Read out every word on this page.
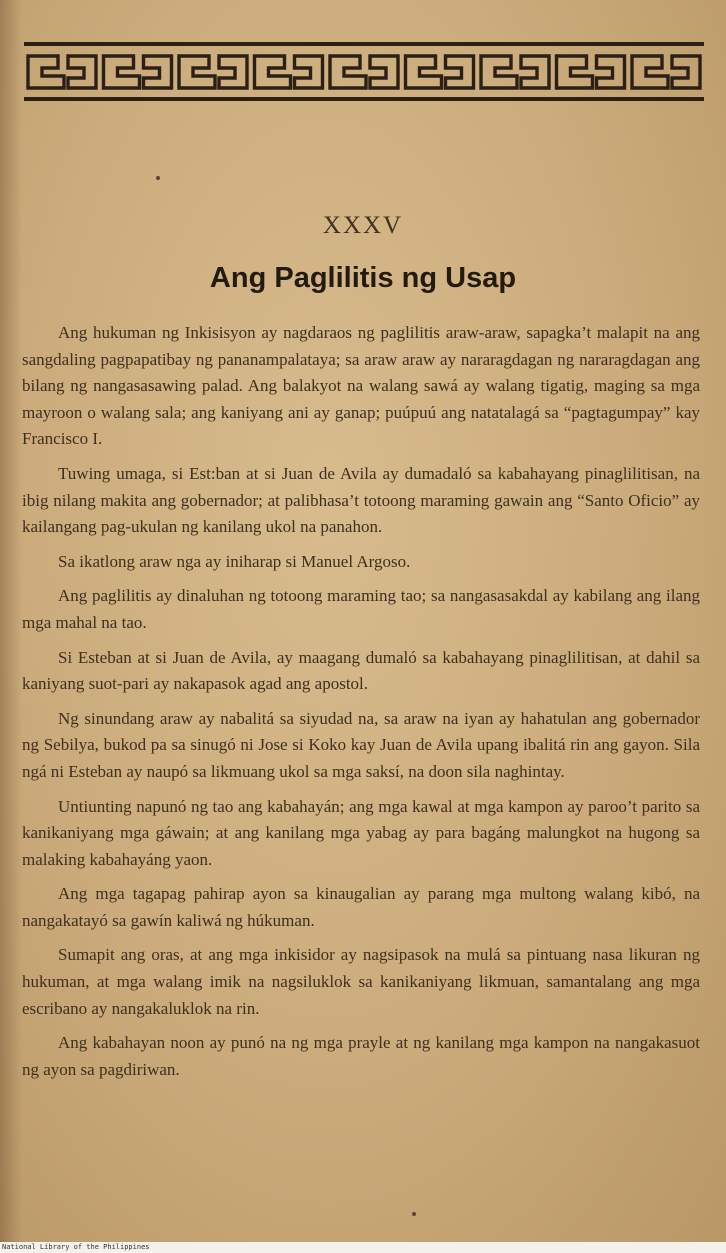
XXXV
Ang Paglilitis ng Usap

Ang hukuman ng Inkisisyon ay nagdaraos ng paglilitis araw-araw, sapagka’t malapit na ang sangdaling pagpapatibay ng pananampalataya; sa araw araw ay nararagdagan ng nararagdagan ang bilang ng nangasasawing palad. Ang balakyot na walang sawá ay walang tigatig, maging sa mga mayroon o walang sala; ang kaniyang ani ay ganap; puúpuú ang natatalagá sa “pagtagumpay” kay Francisco I.

Tuwing umaga, si Est:ban at si Juan de Avila ay dumadaló sa kabahayang pinaglilitisan, na ibig nilang makita ang gobernador; at palibhasa’t totoong maraming gawain ang “Santo Oficio” ay kailangang pag-ukulan ng kanilang ukol na panahon.

Sa ikatlong araw nga ay iniharap si Manuel Argoso.

Ang paglilitis ay dinaluhan ng totoong maraming tao; sa nangasasakdal ay kabilang ang ilang mga mahal na tao.

Si Esteban at si Juan de Avila, ay maagang dumaló sa kabahayang pinaglilitisan, at dahil sa kaniyang suot-pari ay nakapasok agad ang apostol.

Ng sinundang araw ay nabalitá sa siyudad na, sa araw na iyan ay hahatulan ang gobernador ng Sebilya, bukod pa sa sinugó ni Jose si Koko kay Juan de Avila upang ibalitá rin ang gayon. Sila ngá ni Esteban ay naupó sa likmuang ukol sa mga saksí, na doon sila naghintay.

Untiunting napunó ng tao ang kabahayán; ang mga kawal at mga kampon ay paroo’t parito sa kanikaniyang mga gáwain; at ang kanilang mga yabag ay para bagáng malungkot na hugong sa malaking kabahayáng yaon.

Ang mga tagapag pahirap ayon sa kinaugalian ay parang mga multong walang kibó, na nangakatayó sa gawín kaliwá ng húkuman.

Sumapit ang oras, at ang mga inkisidor ay nagsipasok na mulá sa pintuang nasa likuran ng hukuman, at mga walang imik na nagsiluklok sa kanikaniyang likmuan, samantalang ang mga escribano ay nangakaluklok na rin.

Ang kabahayan noon ay punó na ng mga prayle at ng kanilang mga kampon na nangakasuot ng ayon sa pagdiriwan.

National Library of the Philippines
